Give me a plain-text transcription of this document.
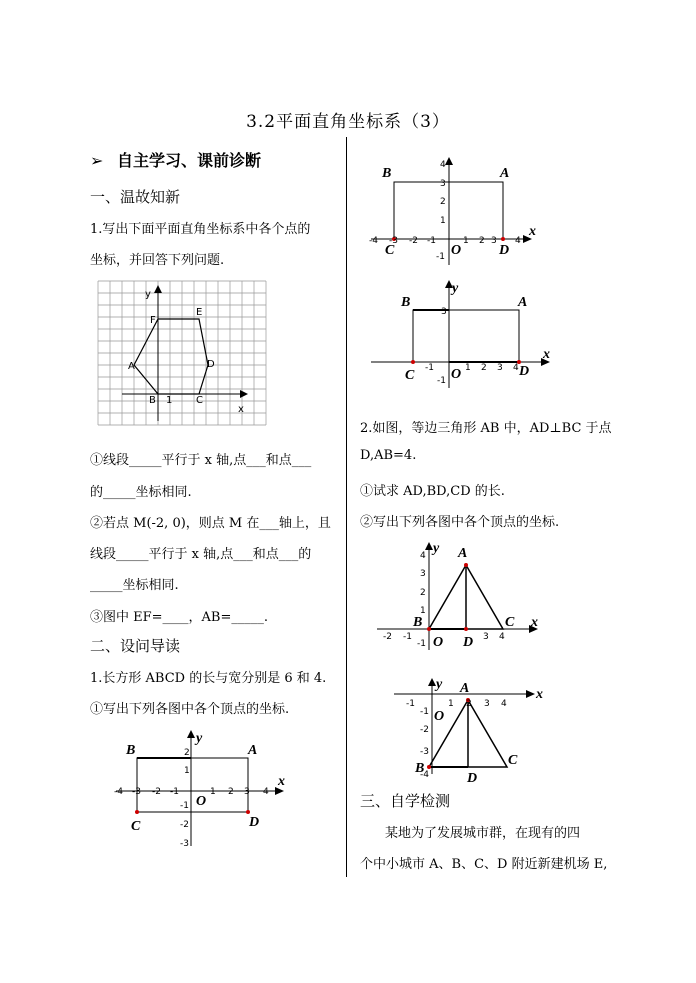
3.2平面直角坐标系（3）
➢ 自主学习、课前诊断
一、温故知新
1.写出下面平面直角坐标系中各个点的
坐标，并回答下列问题.
y
x
A
B 1 C
D
E
F
①线段_____平行于 x 轴,点___和点___
的_____坐标相同.
②若点 M(-2, 0)，则点 M 在___轴上，且
线段_____平行于 x 轴,点___和点___的
_____坐标相同.
③图中 EF=____，AB=_____.
二、设问导读
1.长方形 ABCD 的长与宽分别是 6 和 4.
①写出下列各图中各个顶点的坐标.
B	A
C	D
O
x
y
-4 -3 -2 -1	1 2 3 4
2
1
-1
-2
-3
B	A
C	D
O
x
-4 -3 -2 -1	1 2 3 4
4
3
2
1
-1
B	A
C	D
O
x
y
-1	1 2 3 4
3
-1
2.如图，等边三角形 AB 中，AD⊥BC 于点
D,AB=4.
①试求 AD,BD,CD 的长.
②写出下列各图中各个顶点的坐标.
A
B	C
D
O
x
y
-2 -1	3 4
4
3
2
1
-1
A
B
C
D
O
x
y
-1	1 2 3 4
-1
-2
-3
-4
三、自学检测
某地为了发展城市群，在现有的四
个中小城市 A、B、C、D 附近新建机场 E,
